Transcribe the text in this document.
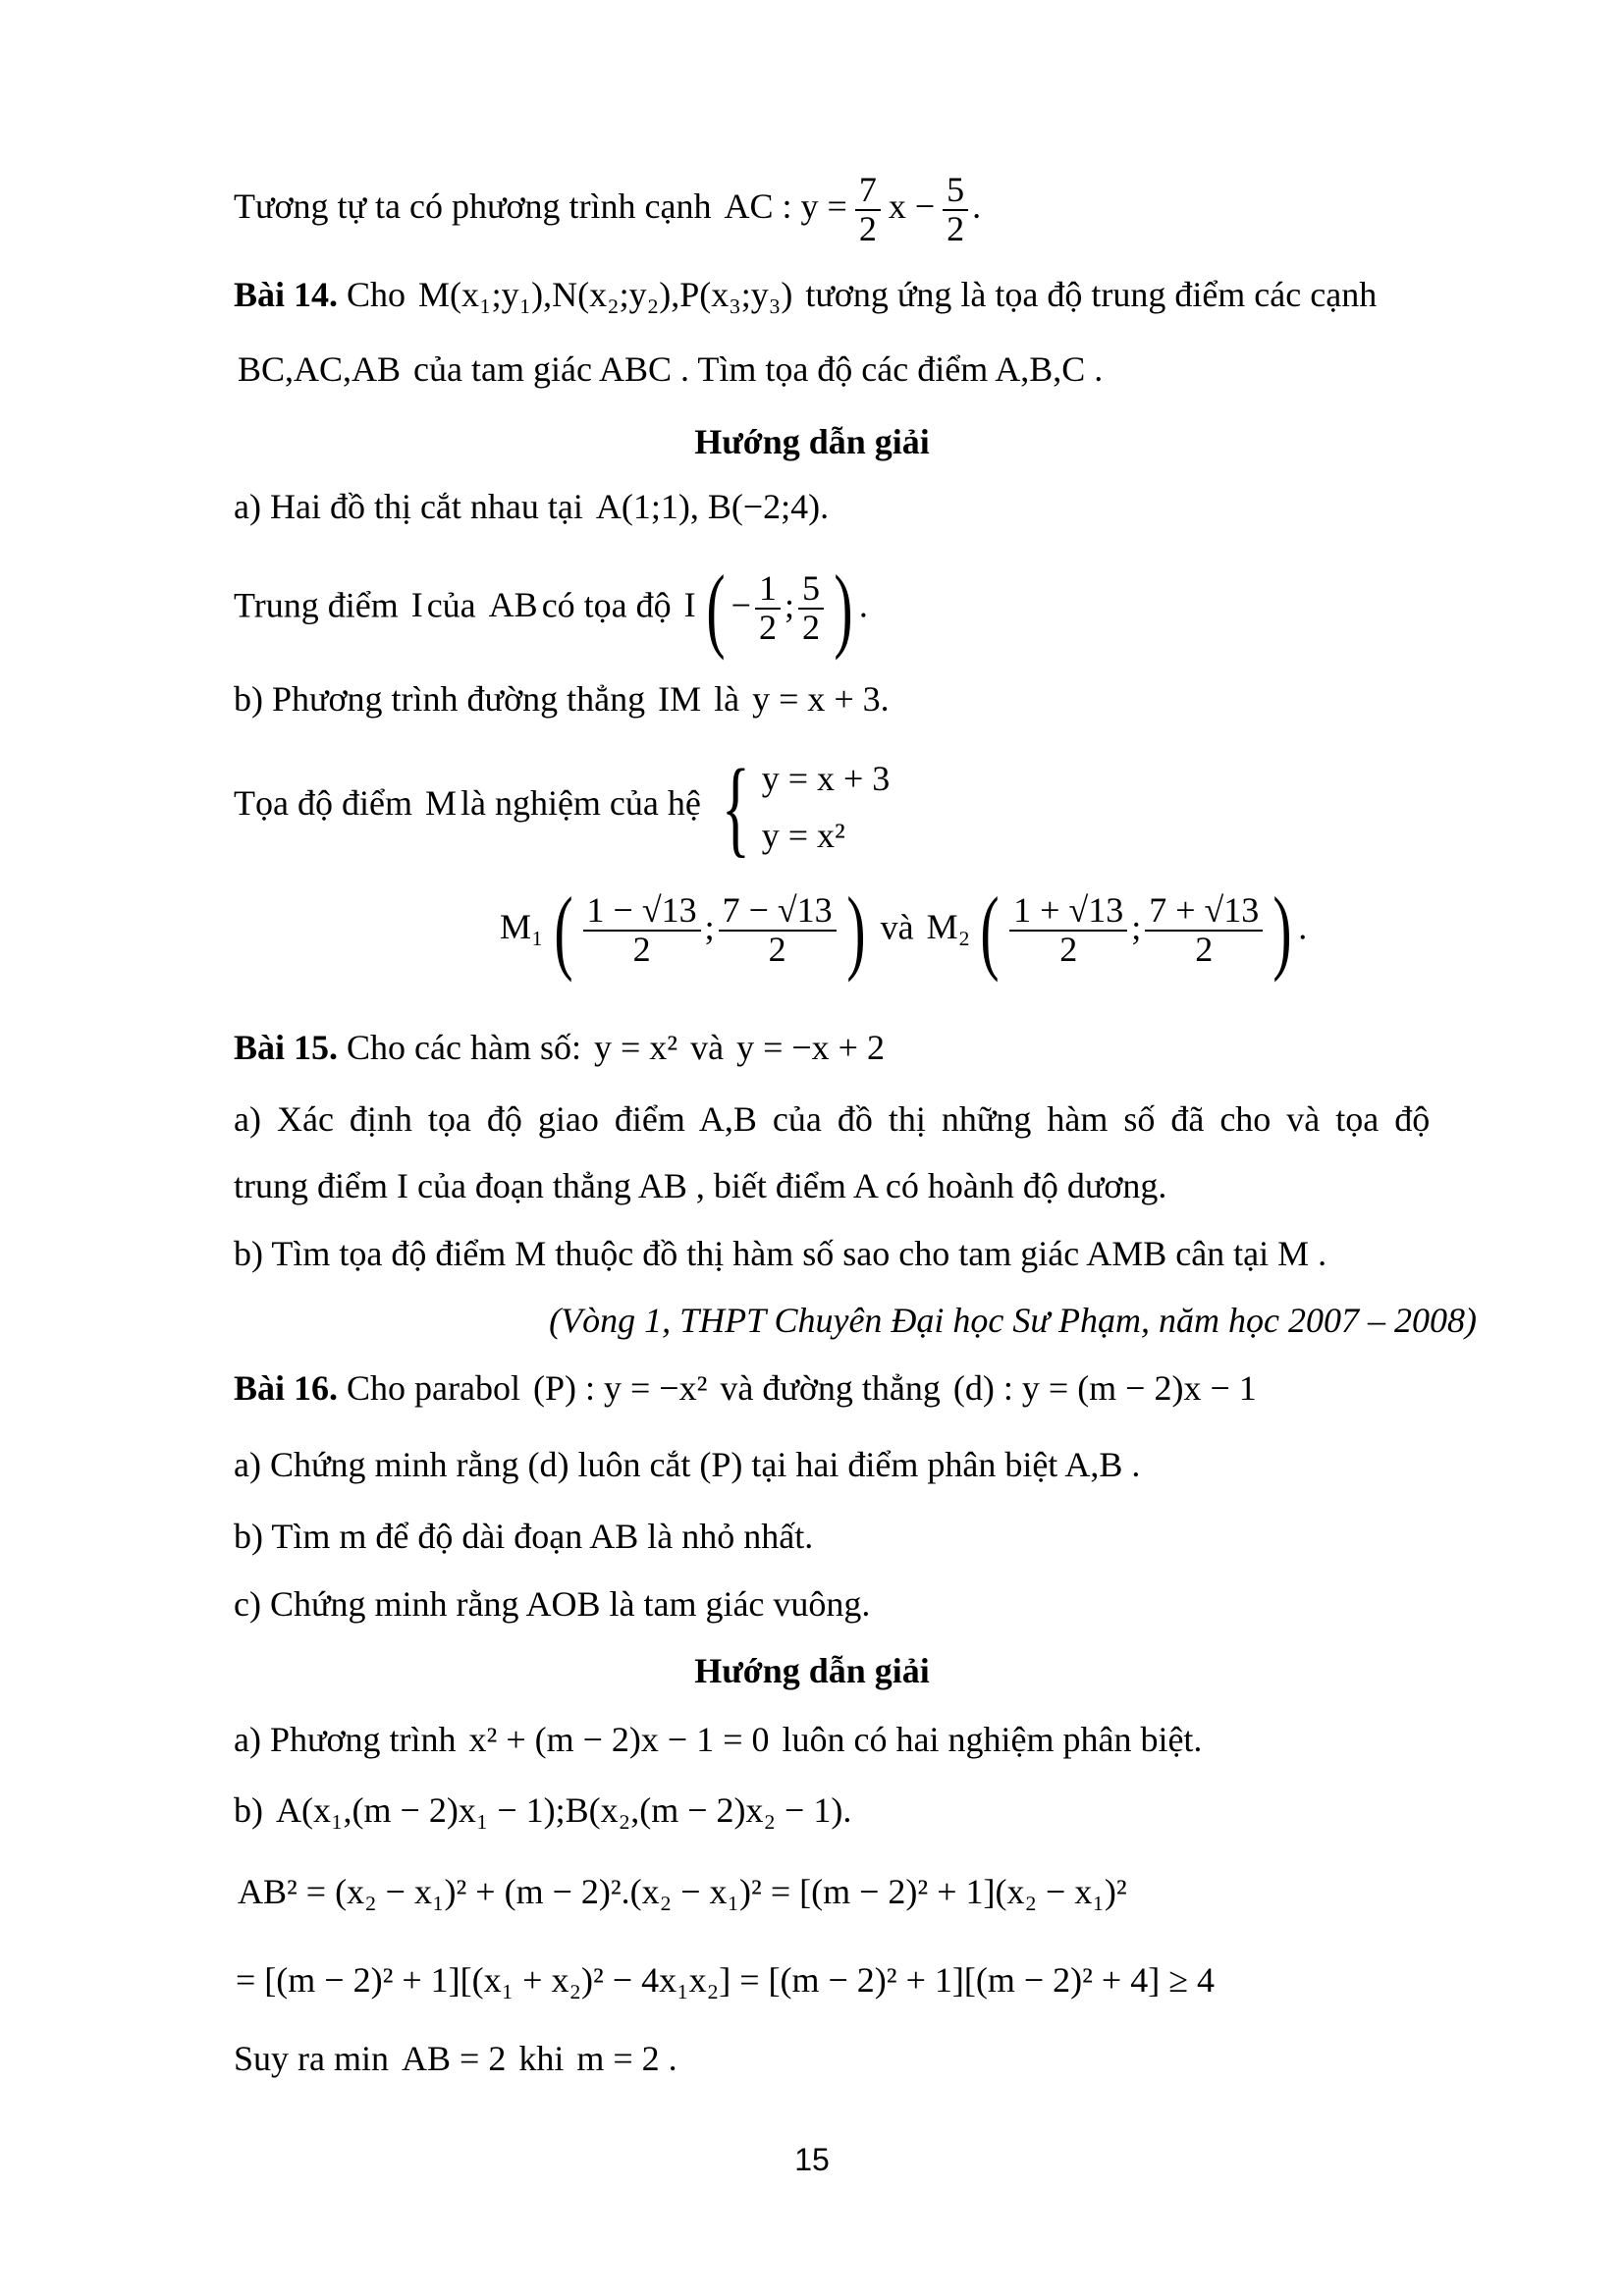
Tương tự ta có phương trình cạnh AC : $y = \frac{7}{2}$ $x - \frac{5}{2}$ .
Bài 14. Cho M(x₁;y₁),N(x₂;y₂),P(x₃;y₃) tương ứng là tọa độ trung điểm các cạnh
BC,AC,AB của tam giác ABC . Tìm tọa độ các điểm A,B,C .
Hướng dẫn giải
a) Hai đồ thị cắt nhau tại A(1;1), B(−2;4).
Trung điểm I của AB có tọa độ I ( − $\frac{1}{2}$ ; $\frac{5}{2}$ ) .
b) Phương trình đường thẳng IM là y = x + 3.
Tọa độ điểm M là nghiệm của hệ { y = x + 3
y = x²
M₁ ( $\frac{1 - √13}{2}$ ; $\frac{7 - √13}{2}$ ) và M₂ ( $\frac{1 + √13}{2}$ ; $\frac{7 + √13}{2}$ ) .
Bài 15. Cho các hàm số: y = x² và y = −x + 2
a) Xác định tọa độ giao điểm A,B của đồ thị những hàm số đã cho và tọa độ
trung điểm I của đoạn thẳng AB , biết điểm A có hoành độ dương.
b) Tìm tọa độ điểm M thuộc đồ thị hàm số sao cho tam giác AMB cân tại M .
(Vòng 1, THPT Chuyên Đại học Sư Phạm, năm học 2007 – 2008)
Bài 16. Cho parabol (P) : y = −x² và đường thẳng (d) : y = (m − 2)x − 1
a) Chứng minh rằng (d) luôn cắt (P) tại hai điểm phân biệt A,B .
b) Tìm m để độ dài đoạn AB là nhỏ nhất.
c) Chứng minh rằng AOB là tam giác vuông.
Hướng dẫn giải
a) Phương trình x² + (m − 2)x − 1 = 0 luôn có hai nghiệm phân biệt.
b) A(x₁,(m − 2)x₁ − 1);B(x₂,(m − 2)x₂ − 1).
AB² = (x₂ − x₁)² + (m − 2)².(x₂ − x₁)² = [(m − 2)² + 1](x₂ − x₁)²
= [(m − 2)² + 1][(x₁ + x₂)² − 4x₁x₂] = [(m − 2)² + 1][(m − 2)² + 4] ≥ 4
Suy ra min AB = 2 khi m = 2 .
15
